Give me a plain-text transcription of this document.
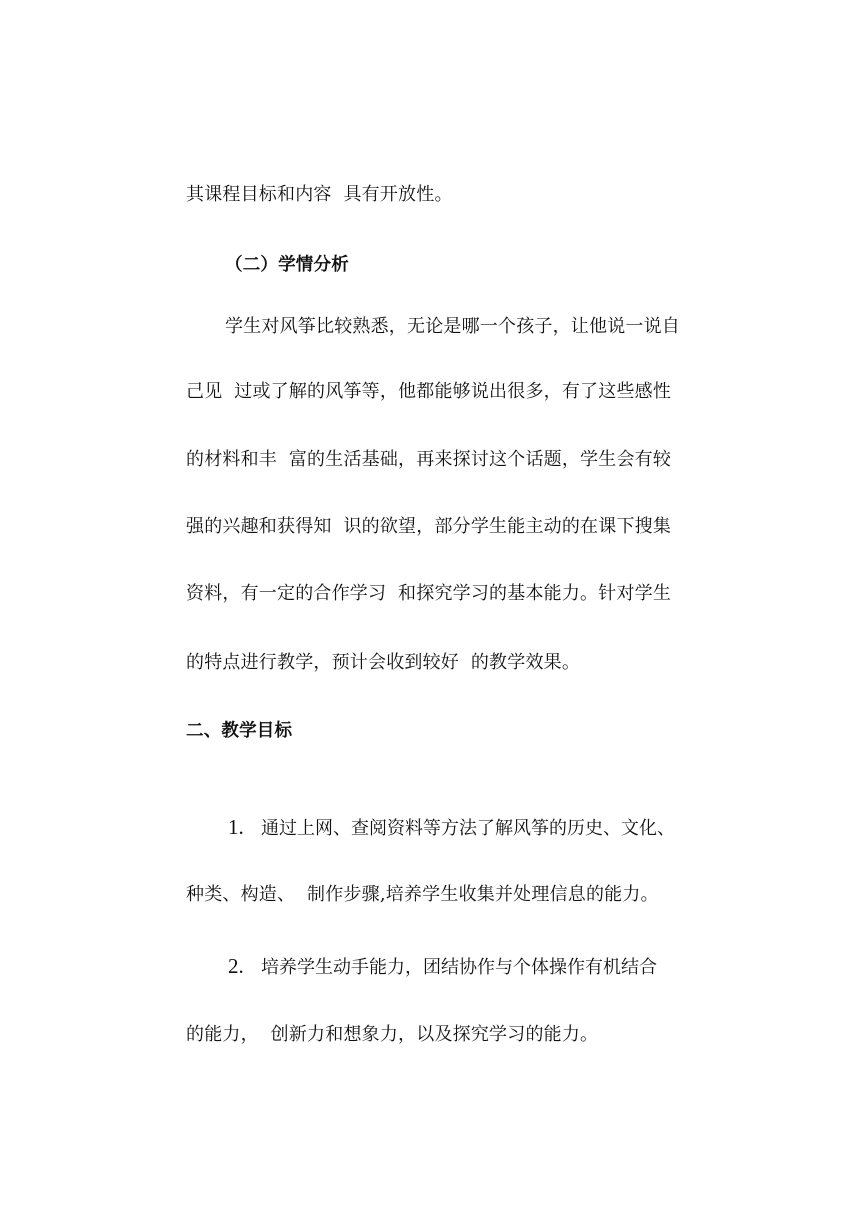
其课程目标和内容  具有开放性。
（二）学情分析
学生对风筝比较熟悉，无论是哪一个孩子，让他说一说自
己见  过或了解的风筝等，他都能够说出很多，有了这些感性
的材料和丰  富的生活基础，再来探讨这个话题，学生会有较
强的兴趣和获得知  识的欲望，部分学生能主动的在课下搜集
资料，有一定的合作学习  和探究学习的基本能力。针对学生
的特点进行教学，预计会收到较好  的教学效果。
二、教学目标
1. 通过上网、查阅资料等方法了解风筝的历史、文化、
种类、构造、  制作步骤,培养学生收集并处理信息的能力。
2. 培养学生动手能力，团结协作与个体操作有机结合
的能力，  创新力和想象力，以及探究学习的能力。
